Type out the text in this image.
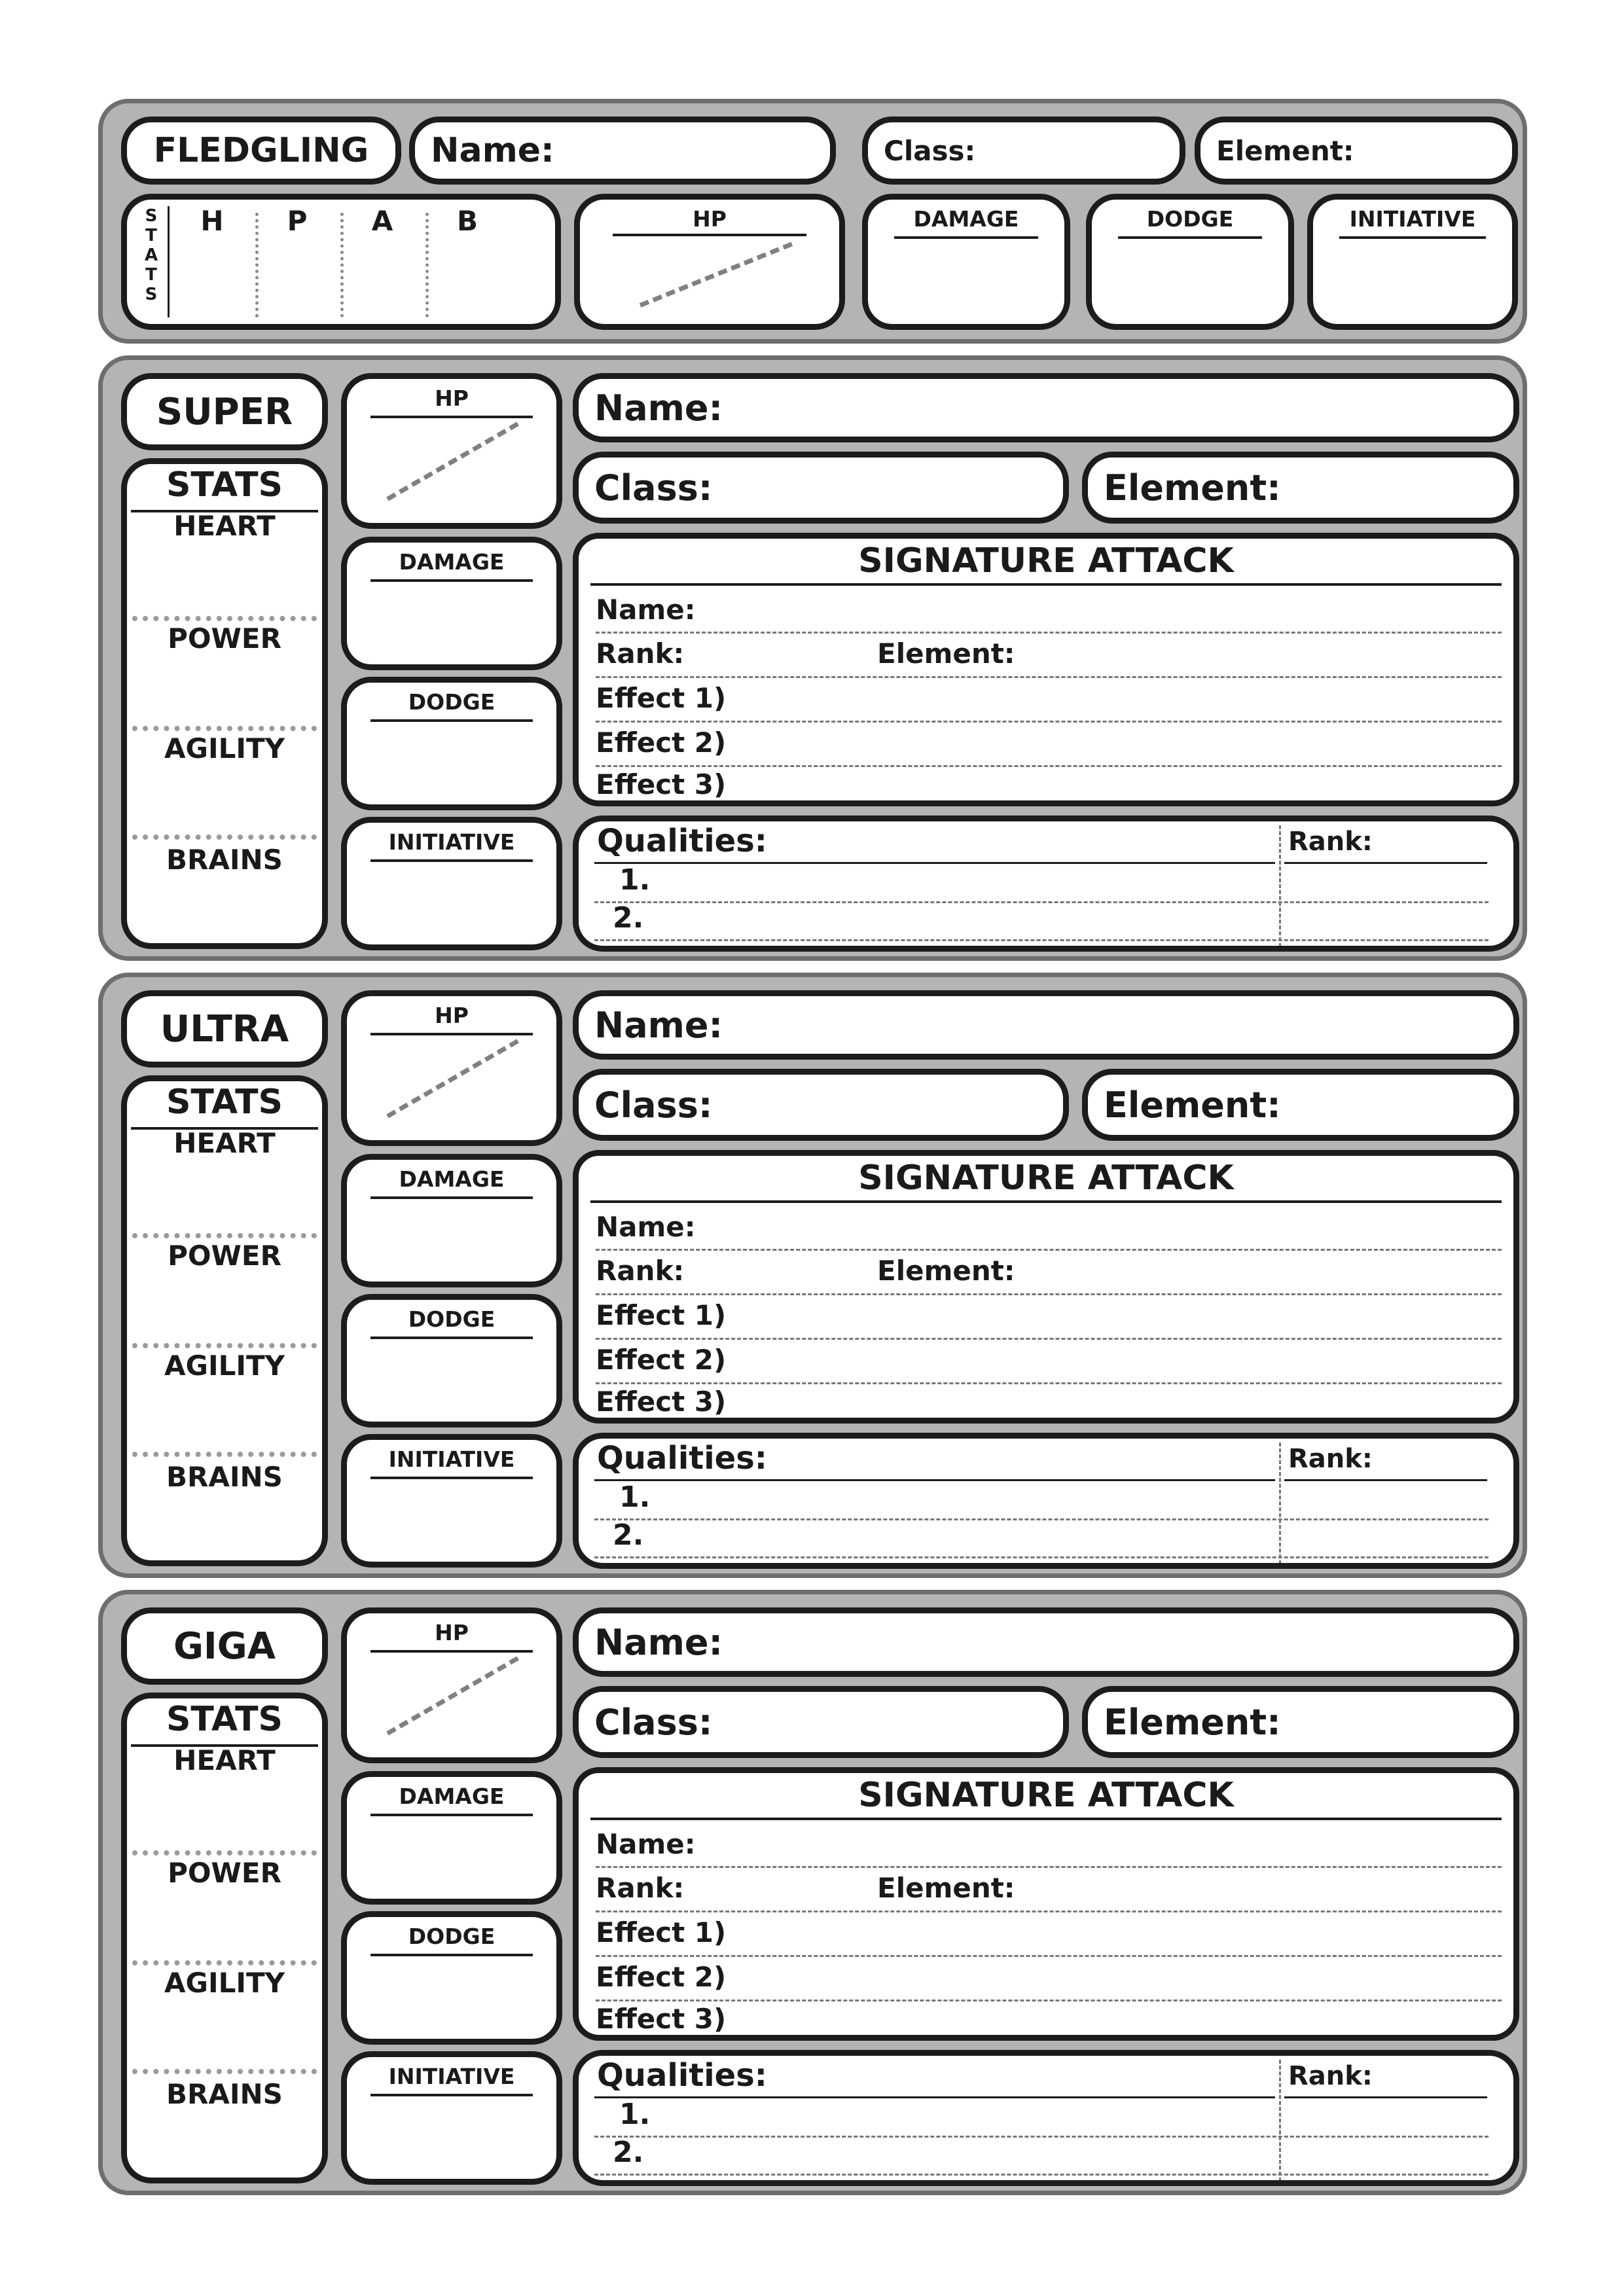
FLEDGLING	Name:	Class:	Element:
STATS
H	P	A	B	HP	DAMAGE	DODGE	INITIATIVE
SUPER
STATS
HEART
POWER
AGILITY
BRAINS
HP
DAMAGE
DODGE
INITIATIVE
Name:
Class:	Element:
SIGNATURE ATTACK
Name:
Rank:	Element:
Effect 1)
Effect 2)
Effect 3)
Qualities:	Rank:
1.
2.
ULTRA
STATS
HEART
POWER
AGILITY
BRAINS
HP
DAMAGE
DODGE
INITIATIVE
Name:
Class:	Element:
SIGNATURE ATTACK
Name:
Rank:	Element:
Effect 1)
Effect 2)
Effect 3)
Qualities:	Rank:
1.
2.
GIGA
STATS
HEART
POWER
AGILITY
BRAINS
HP
DAMAGE
DODGE
INITIATIVE
Name:
Class:	Element:
SIGNATURE ATTACK
Name:
Rank:	Element:
Effect 1)
Effect 2)
Effect 3)
Qualities:	Rank:
1.
2.
